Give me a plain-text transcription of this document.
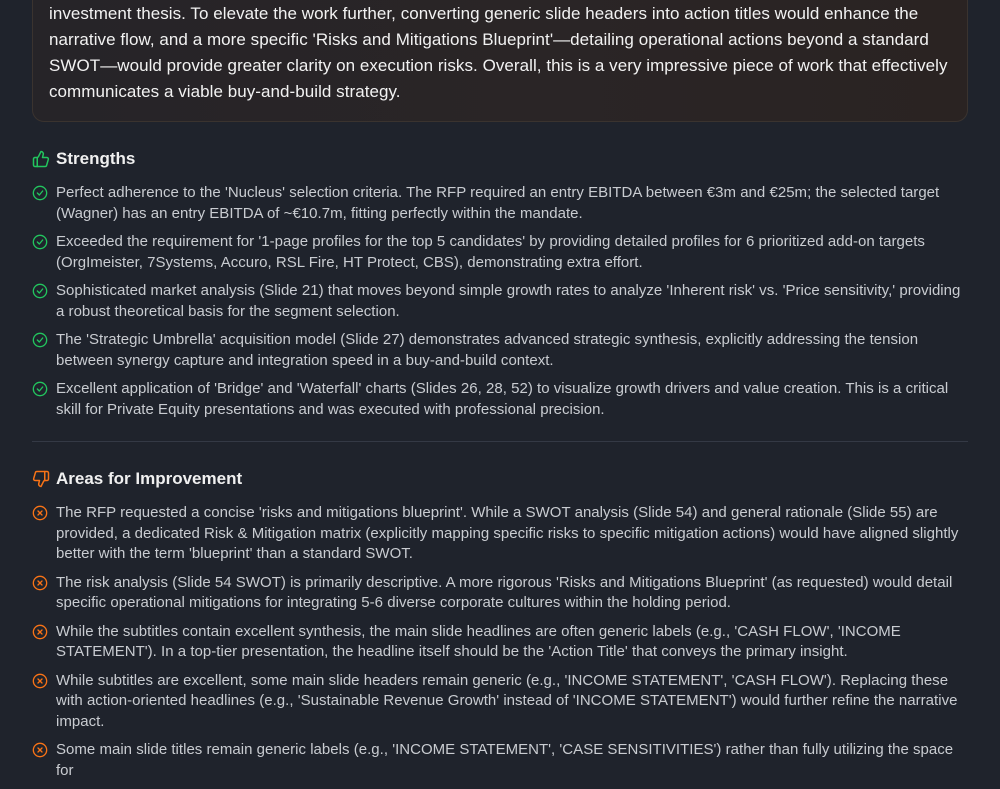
investment thesis. To elevate the work further, converting generic slide headers into action titles would enhance the narrative flow, and a more specific 'Risks and Mitigations Blueprint'—detailing operational actions beyond a standard SWOT—would provide greater clarity on execution risks. Overall, this is a very impressive piece of work that effectively communicates a viable buy-and-build strategy.

Strengths
Perfect adherence to the 'Nucleus' selection criteria. The RFP required an entry EBITDA between €3m and €25m; the selected target (Wagner) has an entry EBITDA of ~€10.7m, fitting perfectly within the mandate.
Exceeded the requirement for '1-page profiles for the top 5 candidates' by providing detailed profiles for 6 prioritized add-on targets (OrgImeister, 7Systems, Accuro, RSL Fire, HT Protect, CBS), demonstrating extra effort.
Sophisticated market analysis (Slide 21) that moves beyond simple growth rates to analyze 'Inherent risk' vs. 'Price sensitivity,' providing a robust theoretical basis for the segment selection.
The 'Strategic Umbrella' acquisition model (Slide 27) demonstrates advanced strategic synthesis, explicitly addressing the tension between synergy capture and integration speed in a buy-and-build context.
Excellent application of 'Bridge' and 'Waterfall' charts (Slides 26, 28, 52) to visualize growth drivers and value creation. This is a critical skill for Private Equity presentations and was executed with professional precision.
Areas for Improvement
The RFP requested a concise 'risks and mitigations blueprint'. While a SWOT analysis (Slide 54) and general rationale (Slide 55) are provided, a dedicated Risk & Mitigation matrix (explicitly mapping specific risks to specific mitigation actions) would have aligned slightly better with the term 'blueprint' than a standard SWOT.
The risk analysis (Slide 54 SWOT) is primarily descriptive. A more rigorous 'Risks and Mitigations Blueprint' (as requested) would detail specific operational mitigations for integrating 5-6 diverse corporate cultures within the holding period.
While the subtitles contain excellent synthesis, the main slide headlines are often generic labels (e.g., 'CASH FLOW', 'INCOME STATEMENT'). In a top-tier presentation, the headline itself should be the 'Action Title' that conveys the primary insight.
While subtitles are excellent, some main slide headers remain generic (e.g., 'INCOME STATEMENT', 'CASH FLOW'). Replacing these with action-oriented headlines (e.g., 'Sustainable Revenue Growth' instead of 'INCOME STATEMENT') would further refine the narrative impact.
Some main slide titles remain generic labels (e.g., 'INCOME STATEMENT', 'CASE SENSITIVITIES') rather than fully utilizing the space for
